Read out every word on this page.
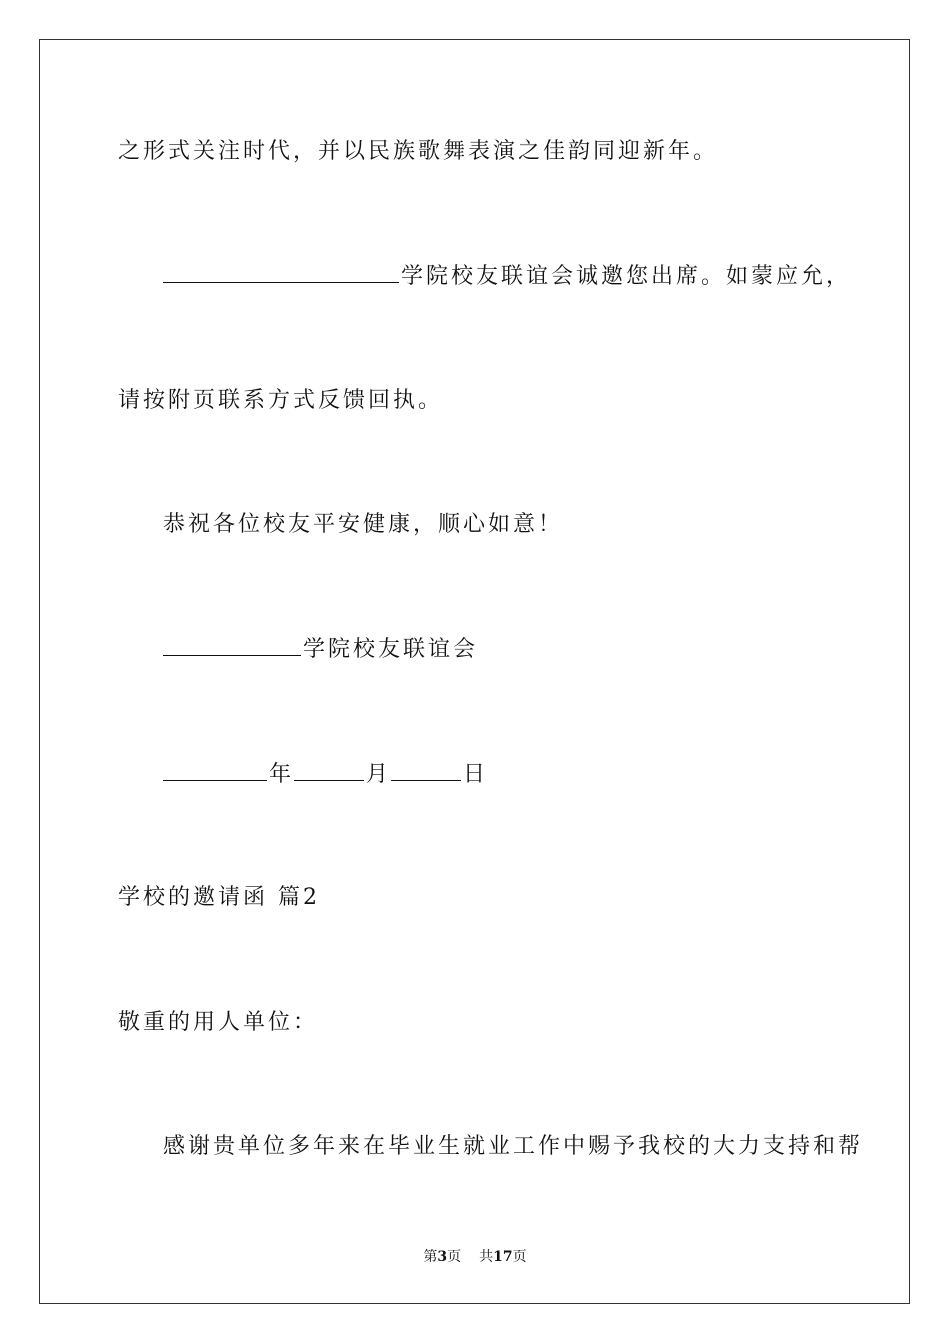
之形式关注时代，并以民族歌舞表演之佳韵同迎新年。
学院校友联谊会诚邀您出席。如蒙应允，
请按附页联系方式反馈回执。
恭祝各位校友平安健康，顺心如意！
学院校友联谊会
年	月	日
学校的邀请函 篇2
敬重的用人单位：
感谢贵单位多年来在毕业生就业工作中赐予我校的大力支持和帮
第3页 共17页
